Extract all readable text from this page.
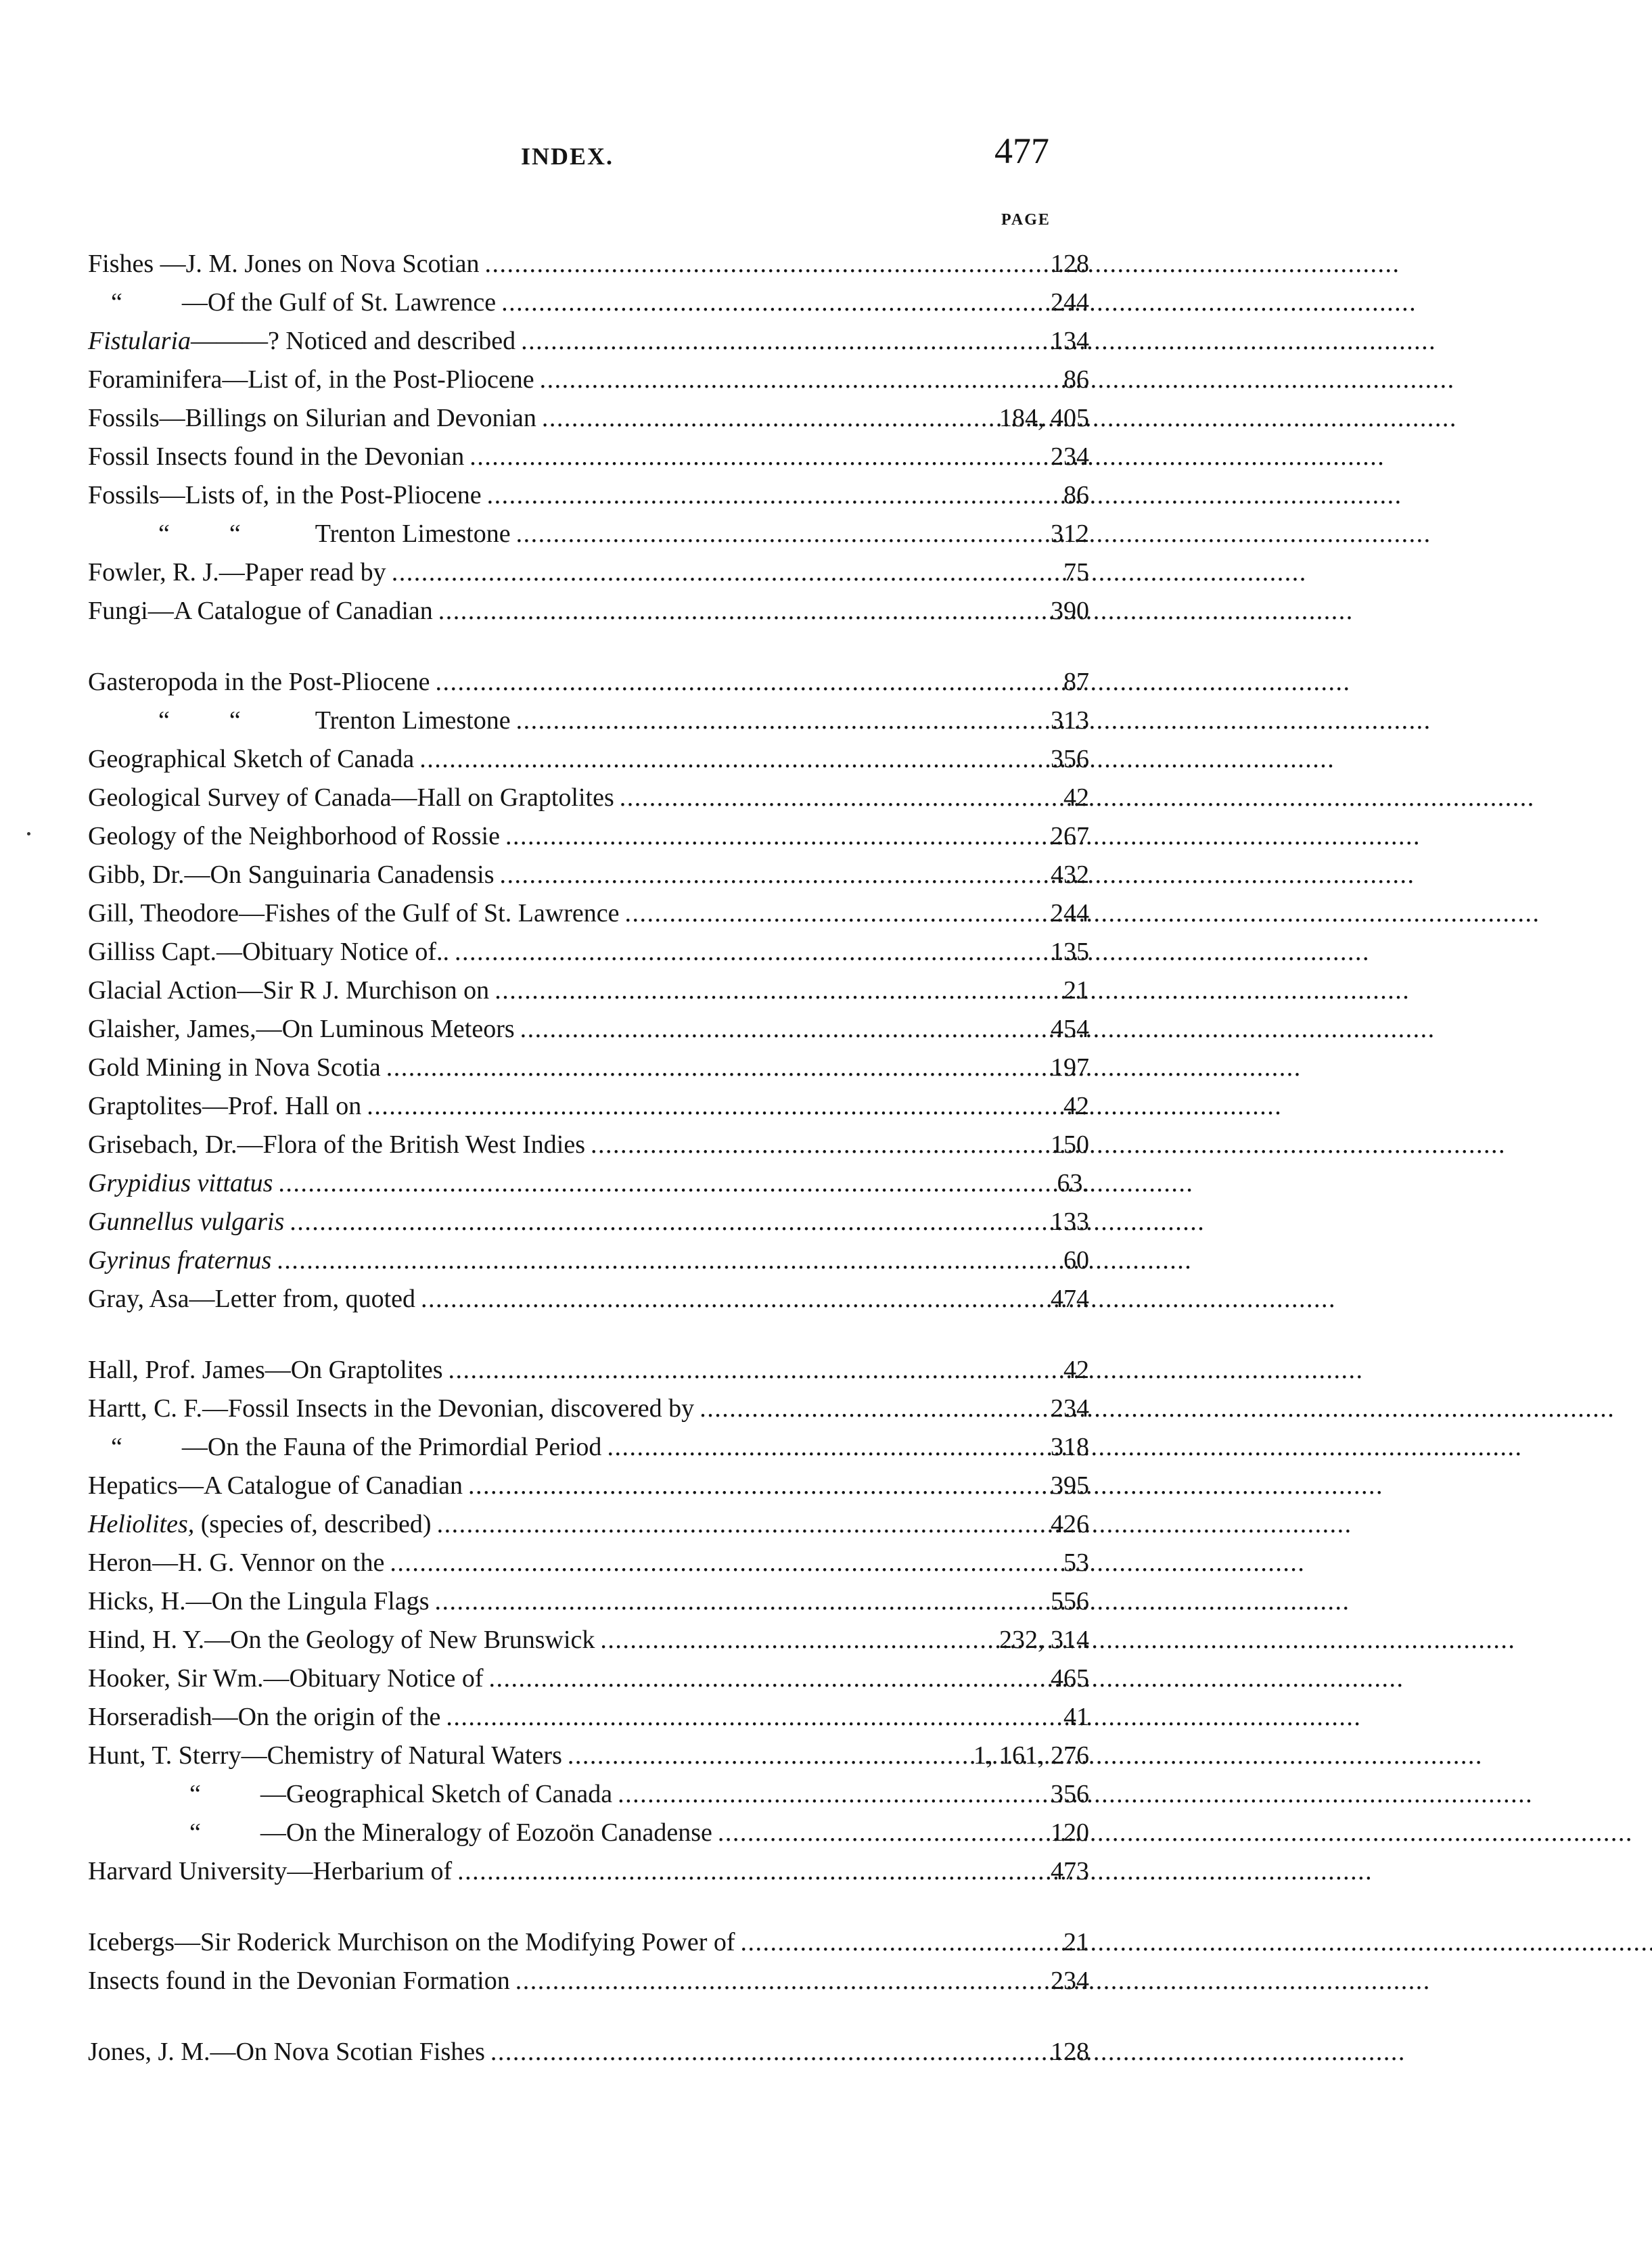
INDEX.	477
PAGE
Fishes —J. M. Jones on Nova Scotian . . .	128
“ —Of the Gulf of St. Lawrence . . .	244
Fistularia———? Noticed and described . . .	134
Foraminifera—List of, in the Post-Pliocene . . .	86
Fossils—Billings on Silurian and Devonian . . .	184, 405
Fossil Insects found in the Devonian . . .	234
Fossils—Lists of, in the Post-Pliocene . . .	86
“ “	Trenton Limestone . . .	312
Fowler, R. J.—Paper read by . . .	75
Fungi—A Catalogue of Canadian . . .	390
Gasteropoda in the Post-Pliocene . . .	87
“ “	Trenton Limestone . . .	313
Geographical Sketch of Canada . . .	356
Geological Survey of Canada—Hall on Graptolites . . .	42
Geology of the Neighborhood of Rossie . . .	267
Gibb, Dr.—On Sanguinaria Canadensis . . .	432
Gill, Theodore—Fishes of the Gulf of St. Lawrence . . .	244
Gilliss Capt.—Obituary Notice of.. . . .	135
Glacial Action—Sir R J. Murchison on . . .	21
Glaisher, James,—On Luminous Meteors . . .	454
Gold Mining in Nova Scotia . . .	197
Graptolites—Prof. Hall on . . .	42
Grisebach, Dr.—Flora of the British West Indies . . .	150
Grypidius vittatus . . .	63.
Gunnellus vulgaris . . .	133
Gyrinus fraternus . . .	60
Gray, Asa—Letter from, quoted . . .	474
Hall, Prof. James—On Graptolites . . .	42
Hartt, C. F.—Fossil Insects in the Devonian, discovered by . . .	234
“ —On the Fauna of the Primordial Period . . .	318
Hepatics—A Catalogue of Canadian . . .	395
Heliolites, (species of, described) . . .	426
Heron—H. G. Vennor on the . . .	53
Hicks, H.—On the Lingula Flags . . .	556
Hind, H. Y.—On the Geology of New Brunswick . . .	232, 314
Hooker, Sir Wm.—Obituary Notice of . . .	465
Horseradish—On the origin of the . . .	41
Hunt, T. Sterry—Chemistry of Natural Waters . . .	1, 161, 276
“ —Geographical Sketch of Canada . . .	356
“ —On the Mineralogy of Eozoön Canadense . . .	120
Harvard University—Herbarium of . . .	473
Icebergs—Sir Roderick Murchison on the Modifying Power of . . .	21
Insects found in the Devonian Formation . . .	234
Jones, J. M.—On Nova Scotian Fishes . . .	128
